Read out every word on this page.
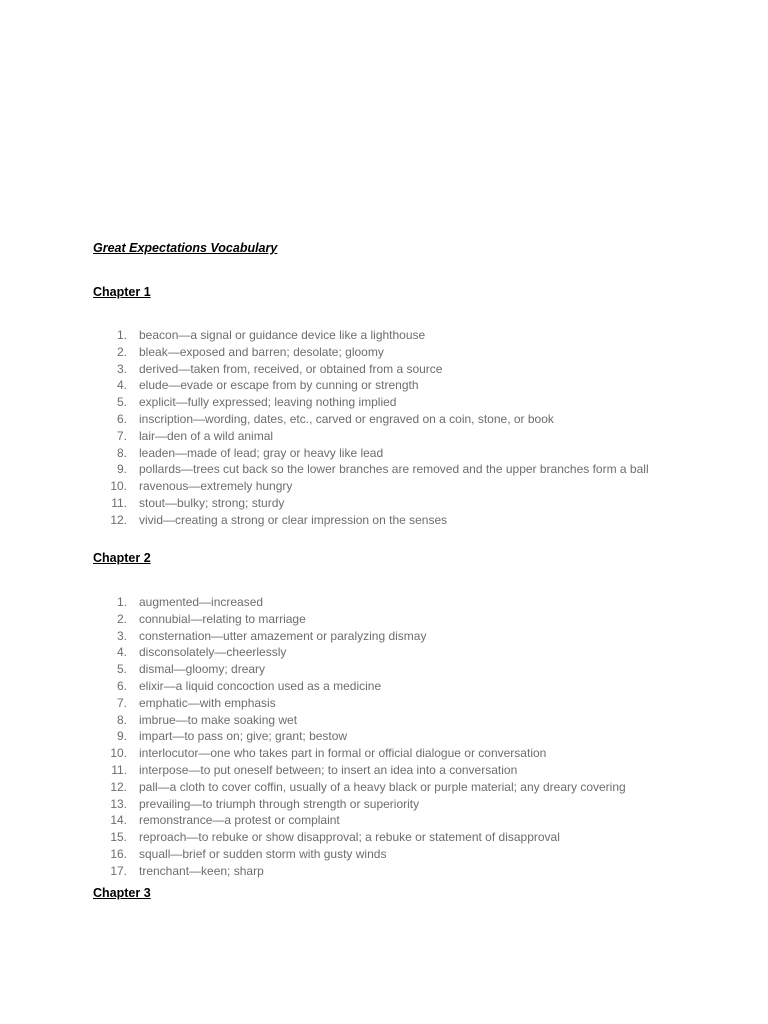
Great Expectations Vocabulary
Chapter 1
1. beacon—a signal or guidance device like a lighthouse
2. bleak—exposed and barren; desolate; gloomy
3. derived—taken from, received, or obtained from a source
4. elude—evade or escape from by cunning or strength
5. explicit—fully expressed; leaving nothing implied
6. inscription—wording, dates, etc., carved or engraved on a coin, stone, or book
7. lair—den of a wild animal
8. leaden—made of lead; gray or heavy like lead
9. pollards—trees cut back so the lower branches are removed and the upper branches form a ball
10. ravenous—extremely hungry
11. stout—bulky; strong; sturdy
12. vivid—creating a strong or clear impression on the senses
Chapter 2
1. augmented—increased
2. connubial—relating to marriage
3. consternation—utter amazement or paralyzing dismay
4. disconsolately—cheerlessly
5. dismal—gloomy; dreary
6. elixir—a liquid concoction used as a medicine
7. emphatic—with emphasis
8. imbrue—to make soaking wet
9. impart—to pass on; give; grant; bestow
10. interlocutor—one who takes part in formal or official dialogue or conversation
11. interpose—to put oneself between; to insert an idea into a conversation
12. pall—a cloth to cover coffin, usually of a heavy black or purple material; any dreary covering
13. prevailing—to triumph through strength or superiority
14. remonstrance—a protest or complaint
15. reproach—to rebuke or show disapproval; a rebuke or statement of disapproval
16. squall—brief or sudden storm with gusty winds
17. trenchant—keen; sharp
Chapter 3
